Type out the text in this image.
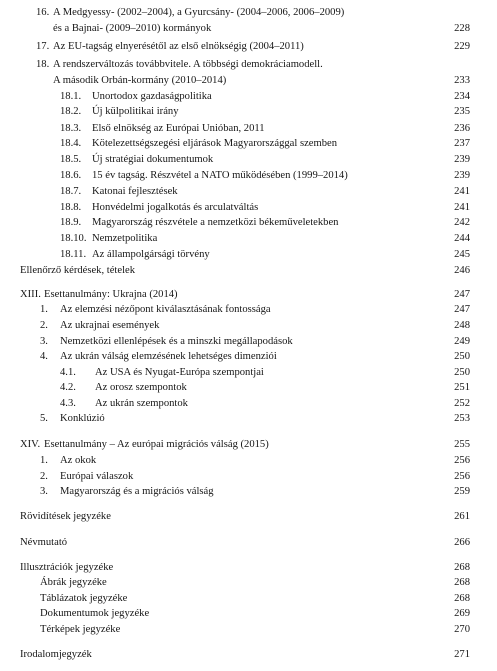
16. A Medgyessy- (2002–2004), a Gyurcsány- (2004–2006, 2006–2009)
és a Bajnai- (2009–2010) kormányok	228
17. Az EU-tagság elnyerésétől az első elnökségig (2004–2011)	229
18. A rendszerváltozás továbbvitele. A többségi demokráciamodell.
A második Orbán-kormány (2010–2014)	233
18.1. Unortodox gazdaságpolitika	234
18.2. Új külpolitikai irány	235
18.3. Első elnökség az Európai Unióban, 2011	236
18.4. Kötelezettségszegési eljárások Magyarországgal szemben	237
18.5. Új stratégiai dokumentumok	239
18.6. 15 év tagság. Részvétel a NATO működésében (1999–2014)	239
18.7. Katonai fejlesztések	241
18.8. Honvédelmi jogalkotás és arculatváltás	241
18.9. Magyarország részvétele a nemzetközi békeműveletekben	242
18.10. Nemzetpolitika	244
18.11. Az állampolgársági törvény	245
Ellenőrző kérdések, tételek	246
XIII. Esettanulmány: Ukrajna (2014)	247
1. Az elemzési nézőpont kiválasztásának fontossága	247
2. Az ukrajnai események	248
3. Nemzetközi ellenlépések és a minszki megállapodások	249
4. Az ukrán válság elemzésének lehetséges dimenziói	250
4.1. Az USA és Nyugat-Európa szempontjai	250
4.2. Az orosz szempontok	251
4.3. Az ukrán szempontok	252
5. Konklúzió	253
XIV. Esettanulmány – Az európai migrációs válság (2015)	255
1. Az okok	256
2. Európai válaszok	256
3. Magyarország és a migrációs válság	259
Rövidítések jegyzéke	261
Névmutató	266
Illusztrációk jegyzéke	268
Ábrák jegyzéke	268
Táblázatok jegyzéke	268
Dokumentumok jegyzéke	269
Térképek jegyzéke	270
Irodalomjegyzék	271
